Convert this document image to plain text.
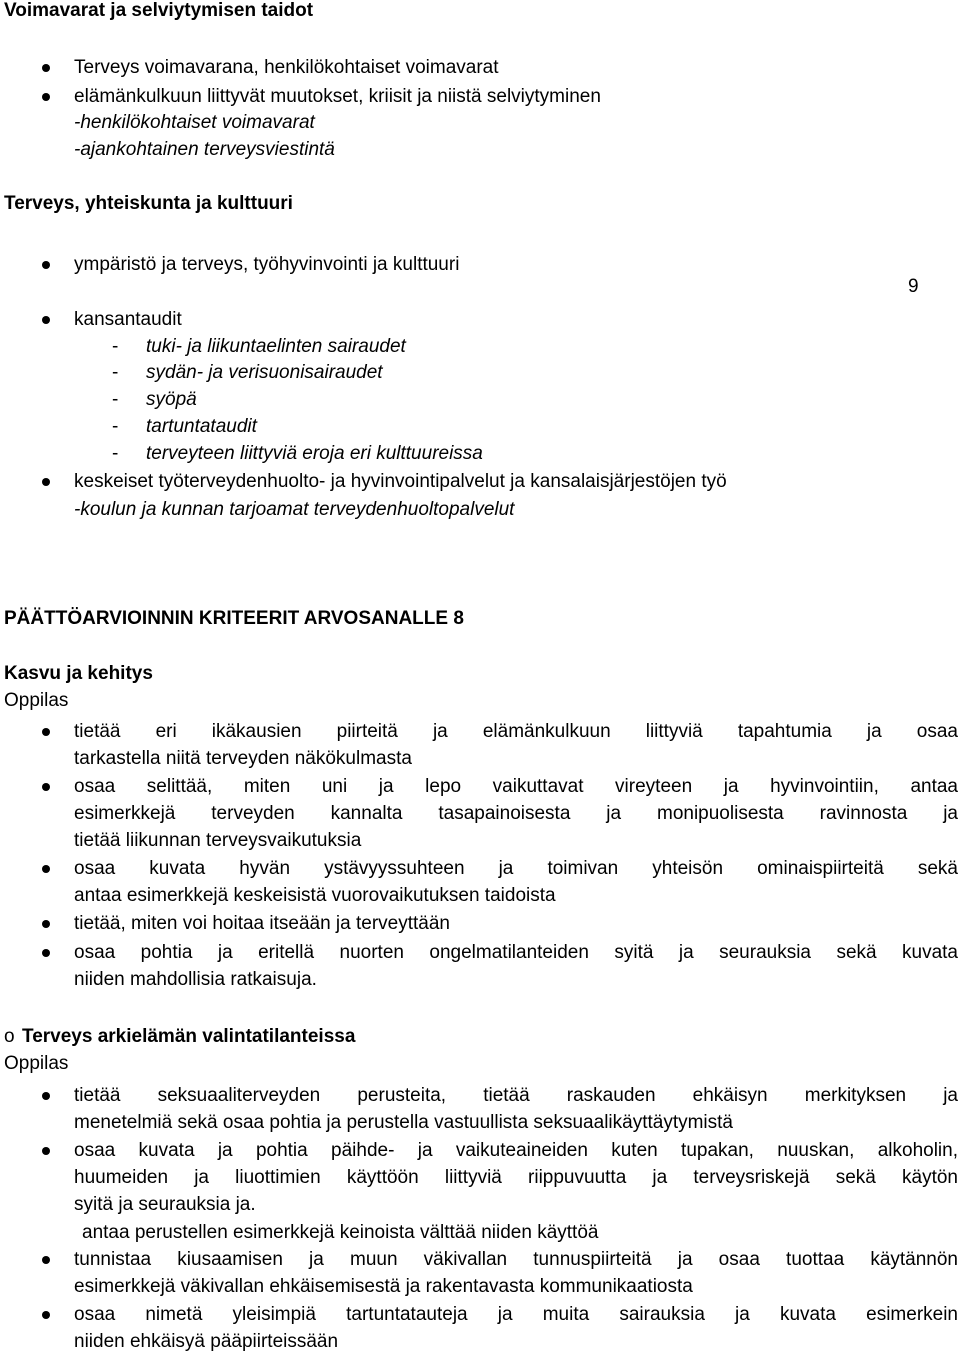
9
Voimavarat ja selviytymisen taidot
Terveys voimavarana, henkilökohtaiset voimavarat
elämänkulkuun liittyvät muutokset, kriisit ja niistä selviytyminen
-henkilökohtaiset voimavarat
-ajankohtainen terveysviestintä
Terveys, yhteiskunta ja kulttuuri
ympäristö ja terveys, työhyvinvointi ja kulttuuri
kansantaudit
- tuki- ja liikuntaelinten sairaudet
- sydän- ja verisuonisairaudet
- syöpä
- tartuntataudit
- terveyteen liittyviä eroja eri kulttuureissa
keskeiset työterveydenhuolto- ja hyvinvointipalvelut ja kansalaisjärjestöjen työ
-koulun ja kunnan tarjoamat terveydenhuoltopalvelut
PÄÄTTÖARVIOINNIN KRITEERIT ARVOSANALLE 8
Kasvu ja kehitys
Oppilas
tietää eri ikäkausien piirteitä ja elämänkulkuun liittyviä tapahtumia ja osaa
tarkastella niitä terveyden näkökulmasta
osaa selittää, miten uni ja lepo vaikuttavat vireyteen ja hyvinvointiin, antaa
esimerkkejä terveyden kannalta tasapainoisesta ja monipuolisesta ravinnosta ja
tietää liikunnan terveysvaikutuksia
osaa kuvata hyvän ystävyyssuhteen ja toimivan yhteisön ominaispiirteitä sekä
antaa esimerkkejä keskeisistä vuorovaikutuksen taidoista
tietää, miten voi hoitaa itseään ja terveyttään
osaa pohtia ja eritellä nuorten ongelmatilanteiden syitä ja seurauksia sekä kuvata
niiden mahdollisia ratkaisuja.
o Terveys arkielämän valintatilanteissa
Oppilas
tietää seksuaaliterveyden perusteita, tietää raskauden ehkäisyn merkityksen ja
menetelmiä sekä osaa pohtia ja perustella vastuullista seksuaalikäyttäytymistä
osaa kuvata ja pohtia päihde- ja vaikuteaineiden kuten tupakan, nuuskan, alkoholin,
huumeiden ja liuottimien käyttöön liittyviä riippuvuutta ja terveysriskejä sekä käytön
syitä ja seurauksia ja.
antaa perustellen esimerkkejä keinoista välttää niiden käyttöä
tunnistaa kiusaamisen ja muun väkivallan tunnuspiirteitä ja osaa tuottaa käytännön
esimerkkejä väkivallan ehkäisemisestä ja rakentavasta kommunikaatiosta
osaa nimetä yleisimpiä tartuntatauteja ja muita sairauksia ja kuvata esimerkein
niiden ehkäisyä pääpiirteissään
